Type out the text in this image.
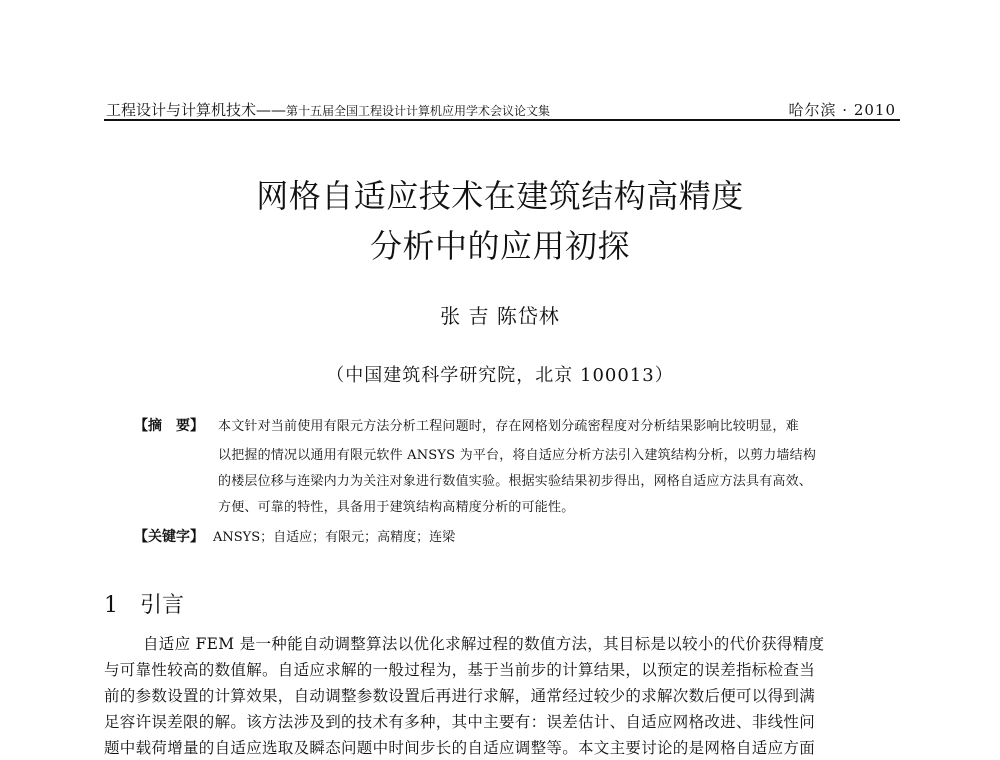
工程设计与计算机技术——第十五届全国工程设计计算机应用学术会议论文集	哈尔滨 · 2010
网格自适应技术在建筑结构高精度
分析中的应用初探
张 吉 陈岱林
（中国建筑科学研究院，北京 100013）
【摘　要】 本文针对当前使用有限元方法分析工程问题时，存在网格划分疏密程度对分析结果影响比较明显，难
以把握的情况以通用有限元软件 ANSYS 为平台，将自适应分析方法引入建筑结构分析，以剪力墙结构
的楼层位移与连梁内力为关注对象进行数值实验。根据实验结果初步得出，网格自适应方法具有高效、
方便、可靠的特性，具备用于建筑结构高精度分析的可能性。
【关键字】 ANSYS；自适应；有限元；高精度；连梁
1 引言
自适应 FEM 是一种能自动调整算法以优化求解过程的数值方法，其目标是以较小的代价获得精度
与可靠性较高的数值解。自适应求解的一般过程为，基于当前步的计算结果，以预定的误差指标检查当
前的参数设置的计算效果，自动调整参数设置后再进行求解，通常经过较少的求解次数后便可以得到满
足容许误差限的解。该方法涉及到的技术有多种，其中主要有：误差估计、自适应网格改进、非线性问
题中载荷增量的自适应选取及瞬态问题中时间步长的自适应调整等。本文主要讨论的是网格自适应方面
